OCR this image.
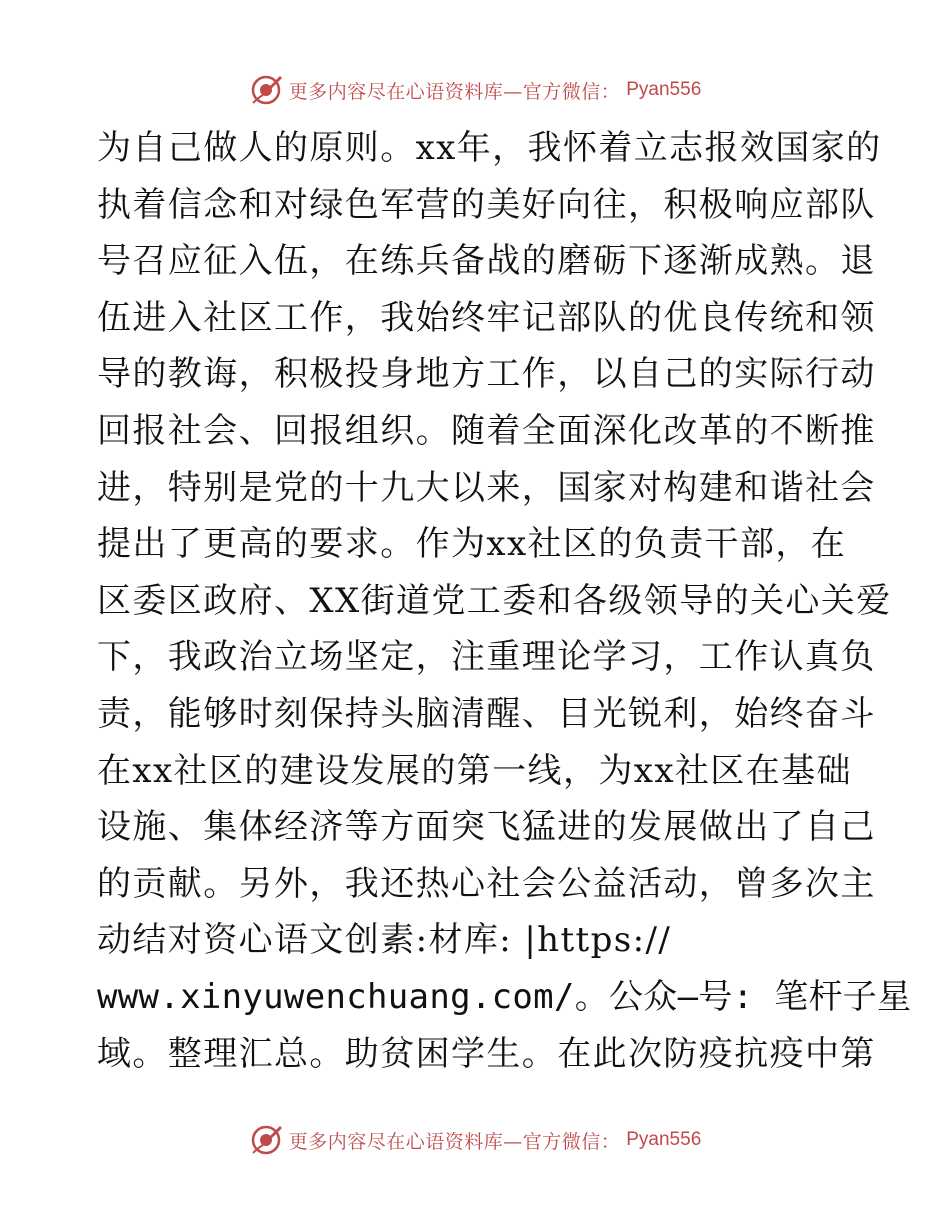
更多内容尽在心语资料库—官方微信： Pyan556
为自己做人的原则。xx年，我怀着立志报效国家的
执着信念和对绿色军营的美好向往，积极响应部队
号召应征入伍，在练兵备战的磨砺下逐渐成熟。退
伍进入社区工作，我始终牢记部队的优良传统和领
导的教诲，积极投身地方工作，以自己的实际行动
回报社会、回报组织。随着全面深化改革的不断推
进，特别是党的十九大以来，国家对构建和谐社会
提出了更高的要求。作为xx社区的负责干部，在
区委区政府、XX街道党工委和各级领导的关心关爱
下，我政治立场坚定，注重理论学习，工作认真负
责，能够时刻保持头脑清醒、目光锐利，始终奋斗
在xx社区的建设发展的第一线，为xx社区在基础
设施、集体经济等方面突飞猛进的发展做出了自己
的贡献。另外，我还热心社会公益活动，曾多次主
动结对资心语文创素:材库: |https://
www.xinyuwenchuang.com/。公众—号: 笔杆子星
域。整理汇总。助贫困学生。在此次防疫抗疫中第
更多内容尽在心语资料库—官方微信： Pyan556
